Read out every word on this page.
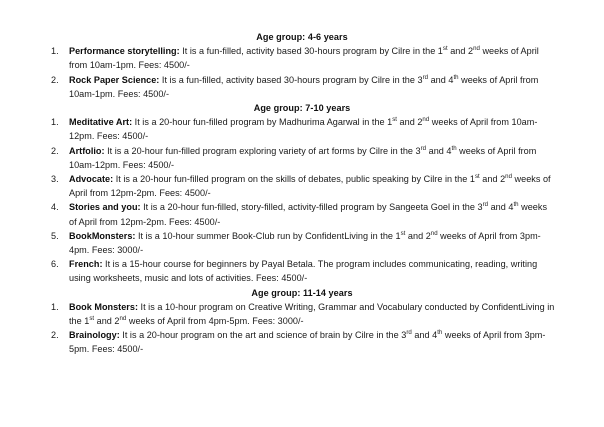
Age group: 4-6 years
Performance storytelling: It is a fun-filled, activity based 30-hours program by Cilre in the 1st and 2nd weeks of April from 10am-1pm. Fees: 4500/-
Rock Paper Science: It is a fun-filled, activity based 30-hours program by Cilre in the 3rd and 4th weeks of April from 10am-1pm. Fees: 4500/-
Age group: 7-10 years
Meditative Art: It is a 20-hour fun-filled program by Madhurima Agarwal in the 1st and 2nd weeks of April from 10am-12pm. Fees: 4500/-
Artfolio: It is a 20-hour fun-filled program exploring variety of art forms by Cilre in the 3rd and 4th weeks of April from 10am-12pm. Fees: 4500/-
Advocate: It is a 20-hour fun-filled program on the skills of debates, public speaking by Cilre in the 1st and 2nd weeks of April from 12pm-2pm. Fees: 4500/-
Stories and you: It is a 20-hour fun-filled, story-filled, activity-filled program by Sangeeta Goel in the 3rd and 4th weeks of April from 12pm-2pm. Fees: 4500/-
BookMonsters: It is a 10-hour summer Book-Club run by ConfidentLiving in the 1st and 2nd weeks of April from 3pm-4pm. Fees: 3000/-
French: It is a 15-hour course for beginners by Payal Betala. The program includes communicating, reading, writing using worksheets, music and lots of activities. Fees: 4500/-
Age group: 11-14 years
Book Monsters: It is a 10-hour program on Creative Writing, Grammar and Vocabulary conducted by ConfidentLiving in the 1st and 2nd weeks of April from 4pm-5pm. Fees: 3000/-
Brainology: It is a 20-hour program on the art and science of brain by Cilre in the 3rd and 4th weeks of April from 3pm-5pm. Fees: 4500/-
